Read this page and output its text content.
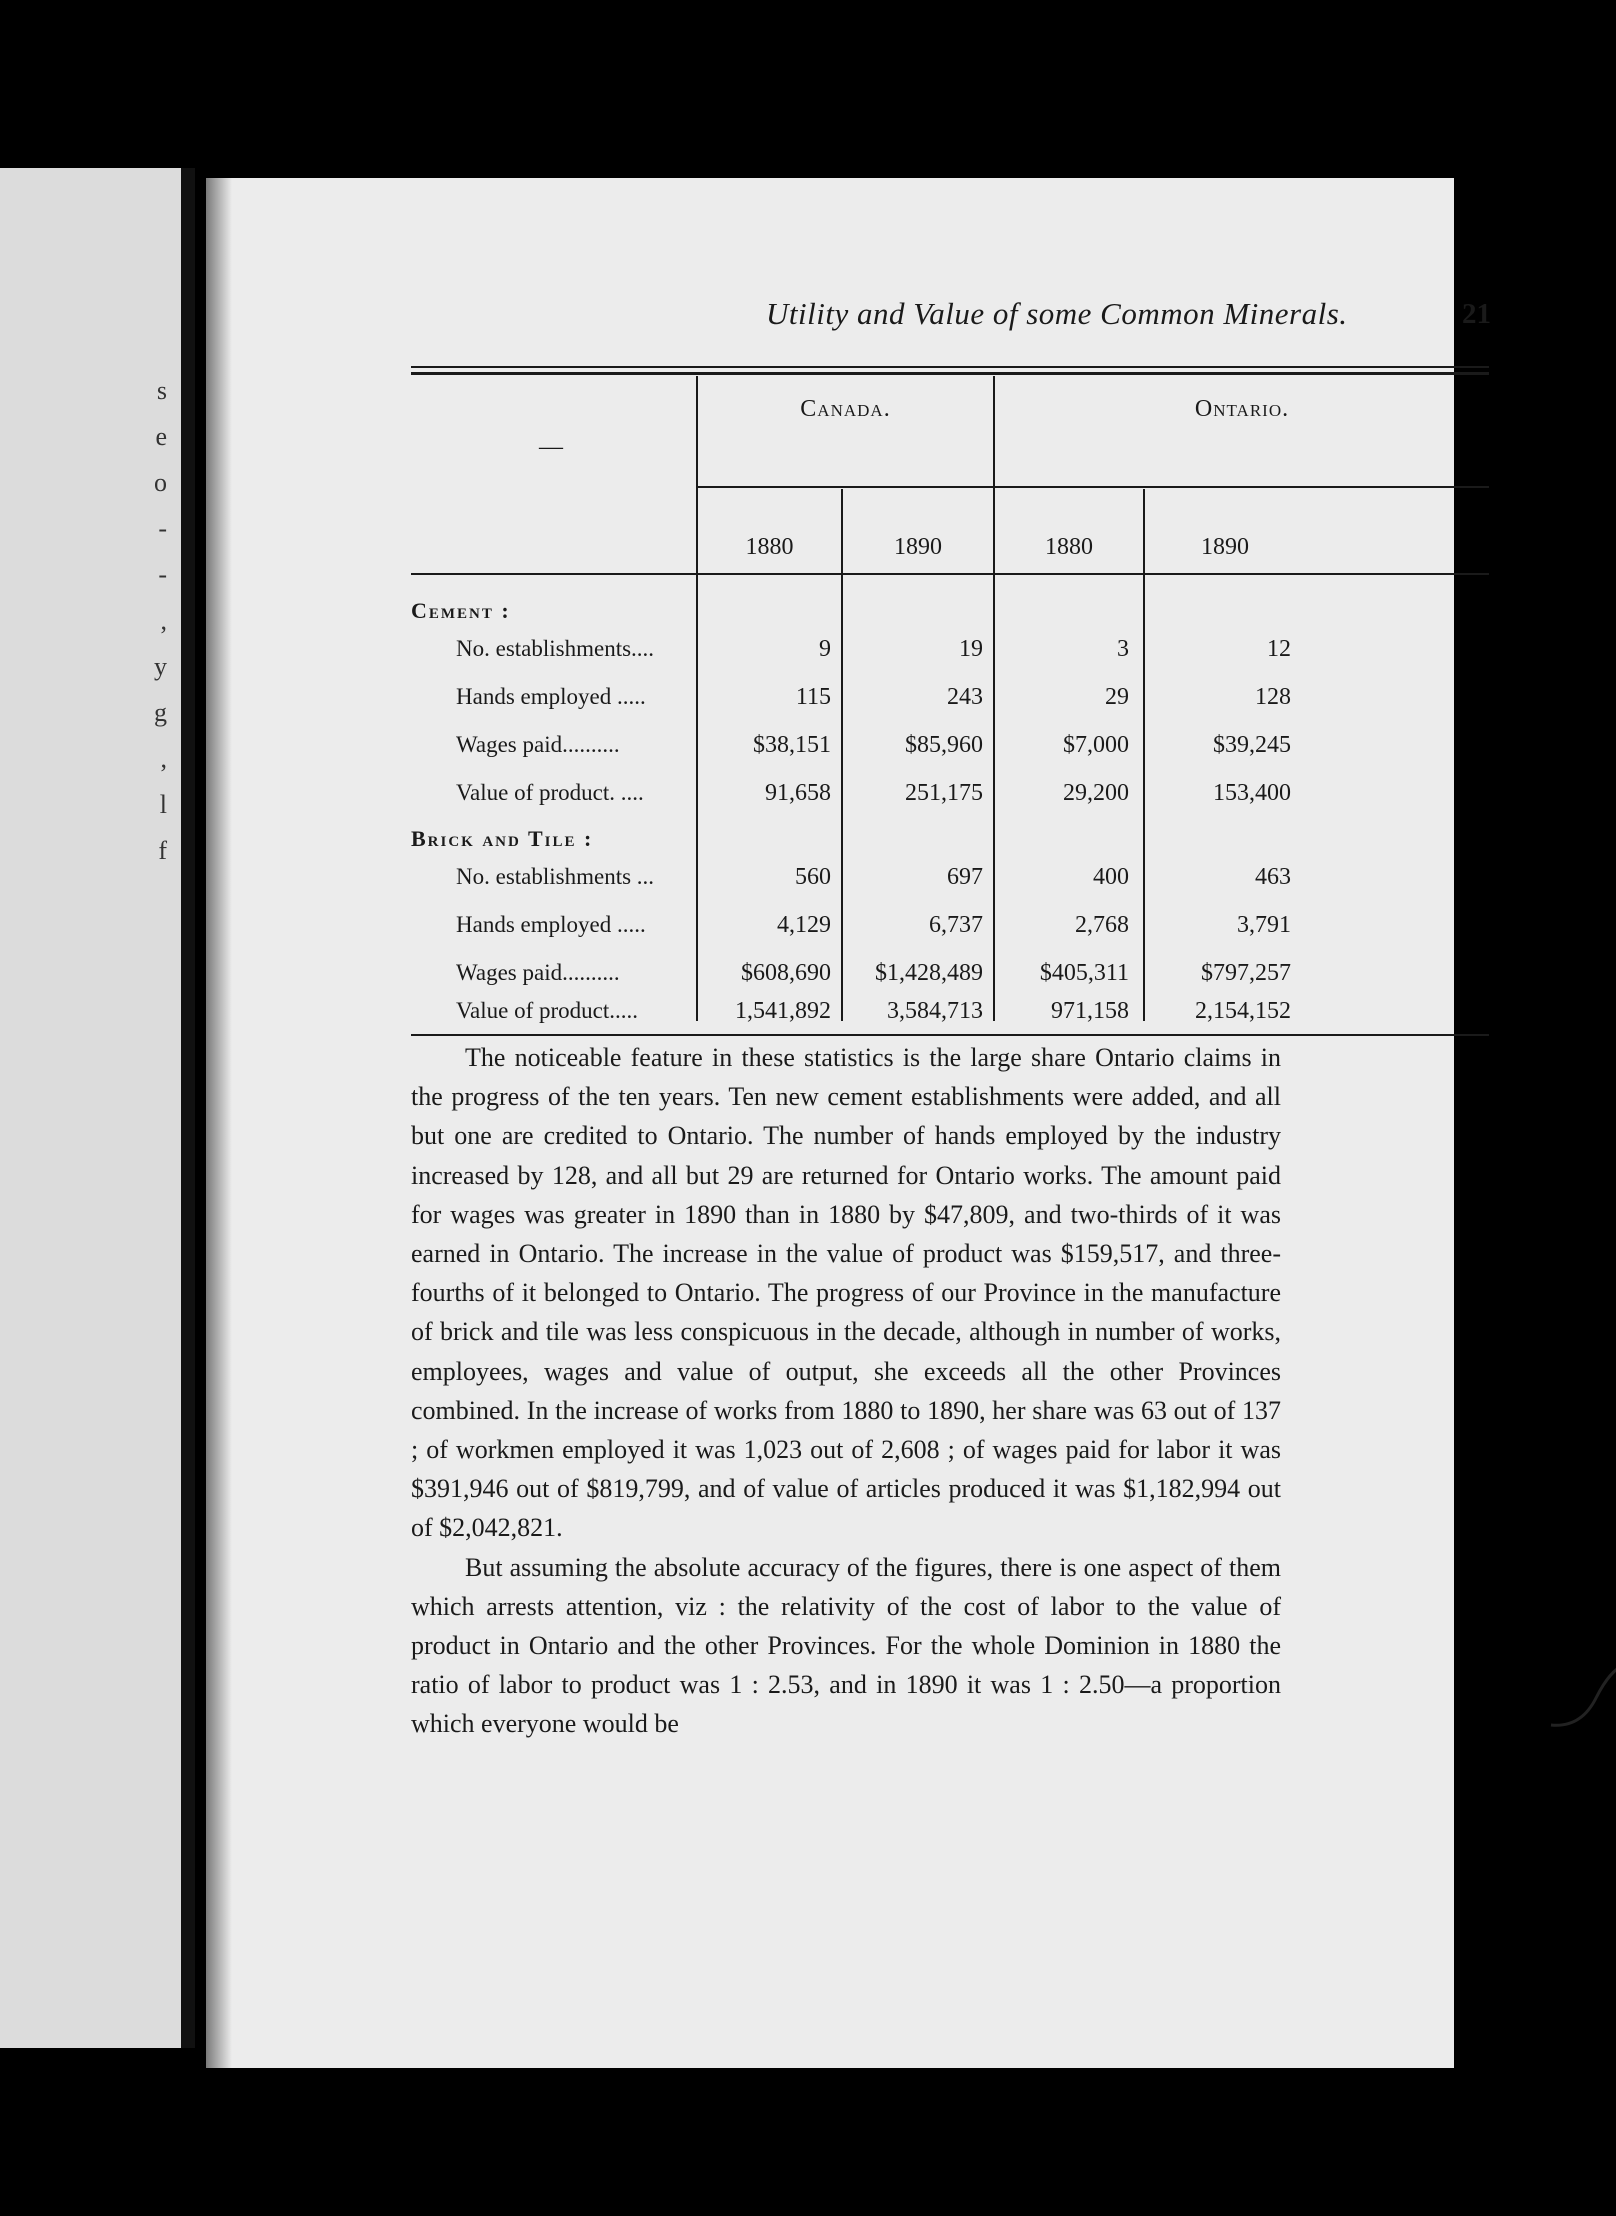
s
e
o
-
-
,
y
g
,
l
f
Utility and Value of some Common Minerals.	21
—
Canada.	Ontario.
1880	1890	1880	1890
Cement :
No. establishments....	9	19	3	12
Hands employed .....	115	243	29	128
Wages paid..........	$38,151	$85,960	$7,000	$39,245
Value of product. ....	91,658	251,175	29,200	153,400
Brick and Tile :
No. establishments ...	560	697	400	463
Hands employed .....	4,129	6,737	2,768	3,791
Wages paid..........	$608,690	$1,428,489	$405,311	$797,257
Value of product.....	1,541,892	3,584,713	971,158	2,154,152

The noticeable feature in these statistics is the large share Ontario claims in the progress of the ten years. Ten new cement establishments were added, and all but one are credited to Ontario. The number of hands employed by the industry increased by 128, and all but 29 are returned for Ontario works. The amount paid for wages was greater in 1890 than in 1880 by $47,809, and two-thirds of it was earned in Ontario. The increase in the value of product was $159,517, and three-fourths of it belonged to Ontario. The progress of our Province in the manufacture of brick and tile was less conspicuous in the decade, although in number of works, employees, wages and value of output, she exceeds all the other Provinces combined. In the increase of works from 1880 to 1890, her share was 63 out of 137 ; of workmen employed it was 1,023 out of 2,608 ; of wages paid for labor it was $391,946 out of $819,799, and of value of articles produced it was $1,182,994 out of $2,042,821.

But assuming the absolute accuracy of the figures, there is one aspect of them which arrests attention, viz : the relativity of the cost of labor to the value of product in Ontario and the other Provinces. For the whole Dominion in 1880 the ratio of labor to product was 1 : 2.53, and in 1890 it was 1 : 2.50—a proportion which everyone would be
